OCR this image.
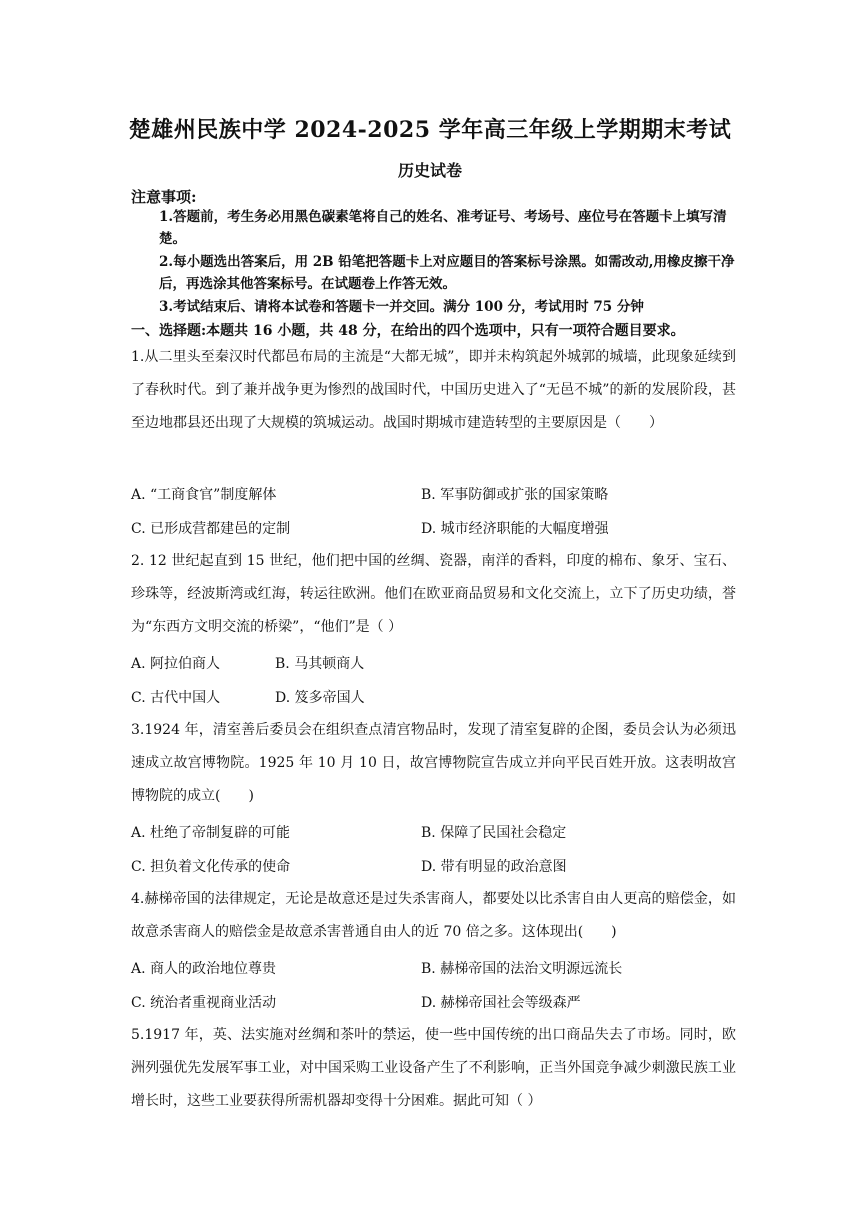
楚雄州民族中学 2024-2025 学年高三年级上学期期末考试
历史试卷
注意事项:
1.答题前，考生务必用黑色碳素笔将自己的姓名、准考证号、考场号、座位号在答题卡上填写清楚。
2.每小题选出答案后，用 2B 铅笔把答题卡上对应题目的答案标号涂黑。如需改动,用橡皮擦干净后，再选涂其他答案标号。在试题卷上作答无效。
3.考试结束后、请将本试卷和答题卡一并交回。满分 100 分，考试用时 75 分钟
一、选择题:本题共 16 小题，共 48 分，在给出的四个选项中，只有一项符合题目要求。
1.从二里头至秦汉时代都邑布局的主流是“大都无城”，即并未构筑起外城郭的城墙，此现象延续到了春秋时代。到了兼并战争更为惨烈的战国时代，中国历史进入了“无邑不城”的新的发展阶段，甚至边地郡县还出现了大规模的筑城运动。战国时期城市建造转型的主要原因是（　　）
A. “工商食官”制度解体	B. 军事防御或扩张的国家策略
C. 已形成营都建邑的定制	D. 城市经济职能的大幅度增强
2. 12 世纪起直到 15 世纪，他们把中国的丝绸、瓷器，南洋的香料，印度的棉布、象牙、宝石、珍珠等，经波斯湾或红海，转运往欧洲。他们在欧亚商品贸易和文化交流上，立下了历史功绩，誉为“东西方文明交流的桥梁”，“他们”是（ ）
A. 阿拉伯商人	B. 马其顿商人
C. 古代中国人	D. 笈多帝国人
3.1924 年，清室善后委员会在组织查点清宫物品时，发现了清室复辟的企图，委员会认为必须迅速成立故宫博物院。1925 年 10 月 10 日，故宫博物院宣告成立并向平民百姓开放。这表明故宫博物院的成立(　　)
A. 杜绝了帝制复辟的可能	B. 保障了民国社会稳定
C. 担负着文化传承的使命	D. 带有明显的政治意图
4.赫梯帝国的法律规定，无论是故意还是过失杀害商人，都要处以比杀害自由人更高的赔偿金，如故意杀害商人的赔偿金是故意杀害普通自由人的近 70 倍之多。这体现出(　　)
A. 商人的政治地位尊贵	B. 赫梯帝国的法治文明源远流长
C. 统治者重视商业活动	D. 赫梯帝国社会等级森严
5.1917 年，英、法实施对丝绸和茶叶的禁运，使一些中国传统的出口商品失去了市场。同时，欧洲列强优先发展军事工业，对中国采购工业设备产生了不利影响，正当外国竞争减少刺激民族工业增长时，这些工业要获得所需机器却变得十分困难。据此可知（ ）
